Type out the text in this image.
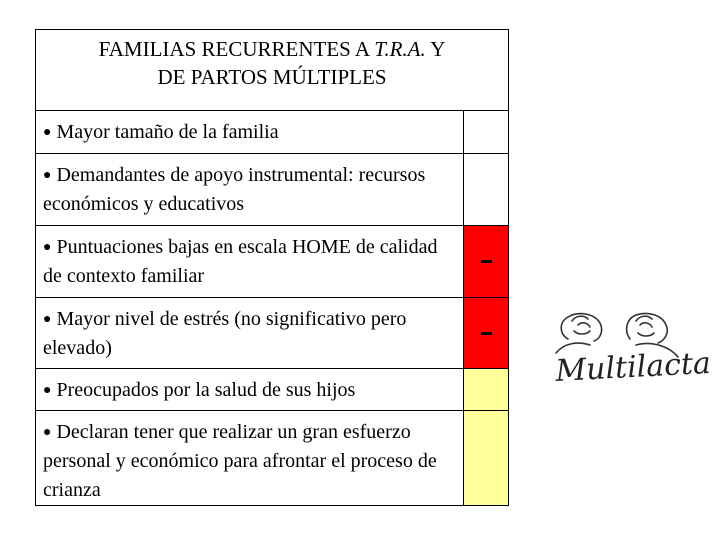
FAMILIAS RECURRENTES A T.R.A. Y
DE PARTOS MÚLTIPLES
● Mayor tamaño de la familia
● Demandantes de apoyo instrumental: recursos económicos y educativos
● Puntuaciones bajas en escala HOME de calidad de contexto familiar
● Mayor nivel de estrés (no significativo pero elevado)
● Preocupados por la salud de sus hijos
● Declaran tener que realizar un gran esfuerzo personal y económico para afrontar el proceso de crianza
Multilacta
